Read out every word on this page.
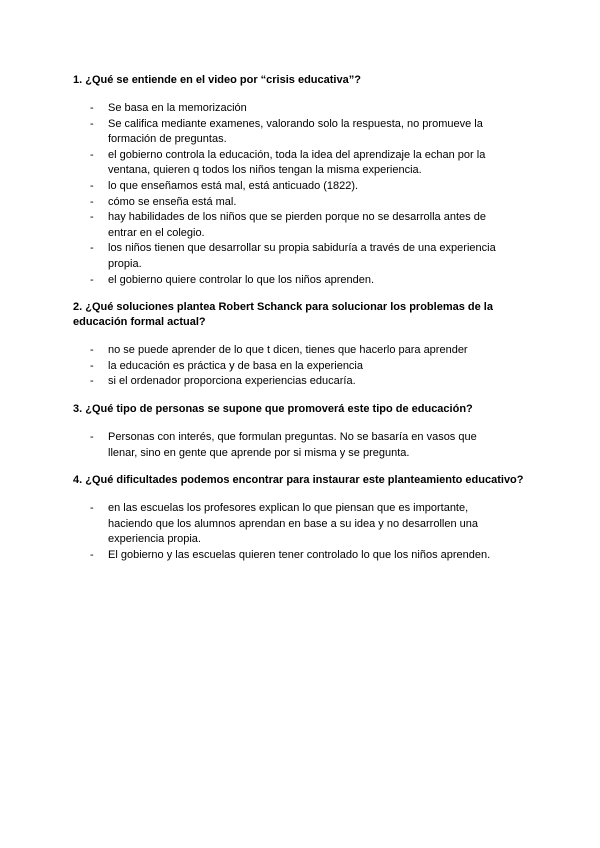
1. ¿Qué se entiende en el video por “crisis educativa”?

- Se basa en la memorización
- Se califica mediante examenes, valorando solo la respuesta, no promueve la formación de preguntas.
- el gobierno controla la educación, toda la idea del aprendizaje la echan por la ventana, quieren q todos los niños tengan la misma experiencia.
- lo que enseñamos está mal, está anticuado (1822).
- cómo se enseña está mal.
- hay habilidades de los niños que se pierden porque no se desarrolla antes de entrar en el colegio.
- los niños tienen que desarrollar su propia sabiduría a través de una experiencia propia.
- el gobierno quiere controlar lo que los niños aprenden.

2. ¿Qué soluciones plantea Robert Schanck para solucionar los problemas de la educación formal actual?

- no se puede aprender de lo que t dicen, tienes que hacerlo para aprender
- la educación es práctica y de basa en la experiencia
- si el ordenador proporciona experiencias educaría.

3. ¿Qué tipo de personas se supone que promoverá este tipo de educación?

- Personas con interés, que formulan preguntas. No se basaría en vasos que llenar, sino en gente que aprende por si misma y se pregunta.

4. ¿Qué dificultades podemos encontrar para instaurar este planteamiento educativo?

- en las escuelas los profesores explican lo que piensan que es importante, haciendo que los alumnos aprendan en base a su idea y no desarrollen una experiencia propia.
- El gobierno y las escuelas quieren tener controlado lo que los niños aprenden.
